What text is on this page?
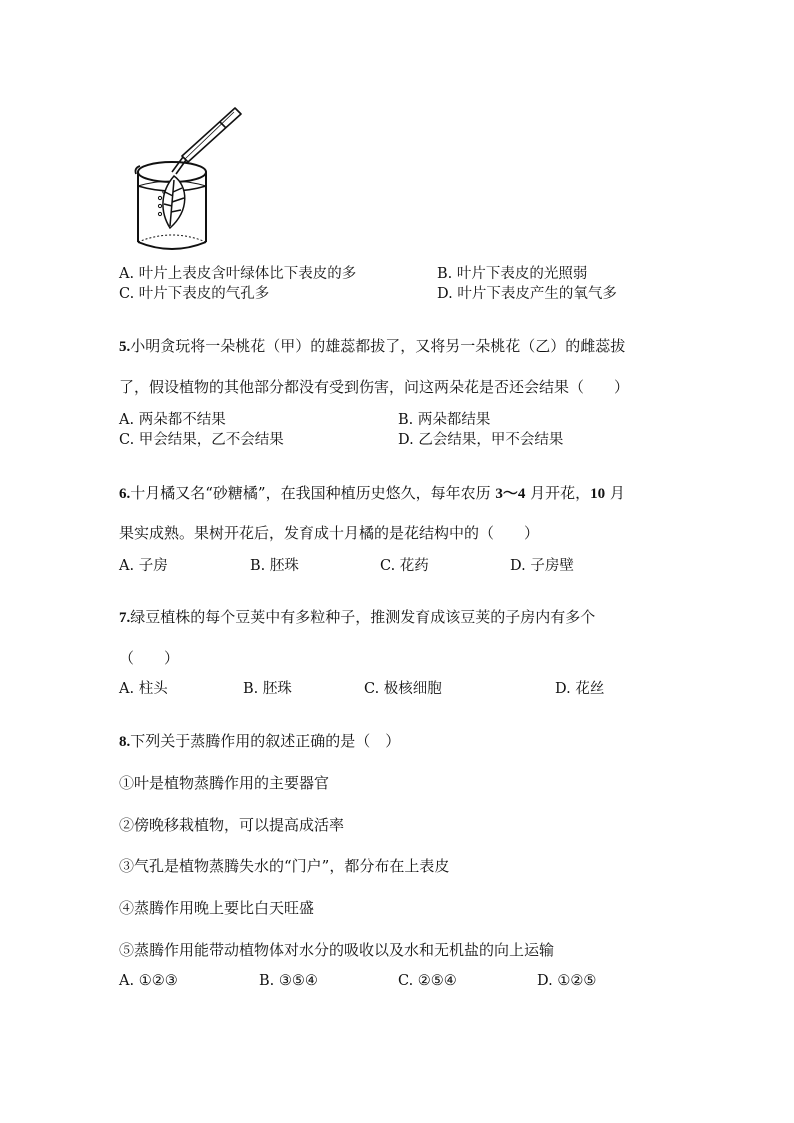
A. 叶片上表皮含叶绿体比下表皮的多	B. 叶片下表皮的光照弱
C. 叶片下表皮的气孔多	D. 叶片下表皮产生的氧气多
5.小明贪玩将一朵桃花（甲）的雄蕊都拔了，又将另一朵桃花（乙）的雌蕊拔
了，假设植物的其他部分都没有受到伤害，问这两朵花是否还会结果（　　）
A. 两朵都不结果	B. 两朵都结果
C. 甲会结果，乙不会结果	D. 乙会结果，甲不会结果
6.十月橘又名“砂糖橘”，在我国种植历史悠久，每年农历 3～4 月开花，10 月
果实成熟。果树开花后，发育成十月橘的是花结构中的（　　）
A. 子房	B. 胚珠	C. 花药	D. 子房壁
7.绿豆植株的每个豆荚中有多粒种子，推测发育成该豆荚的子房内有多个
（　　）
A. 柱头	B. 胚珠	C. 极核细胞	D. 花丝
8.下列关于蒸腾作用的叙述正确的是（　）
①叶是植物蒸腾作用的主要器官
②傍晚移栽植物，可以提高成活率
③气孔是植物蒸腾失水的“门户”，都分布在上表皮
④蒸腾作用晚上要比白天旺盛
⑤蒸腾作用能带动植物体对水分的吸收以及水和无机盐的向上运输
A. ①②③	B. ③⑤④	C. ②⑤④	D. ①②⑤
